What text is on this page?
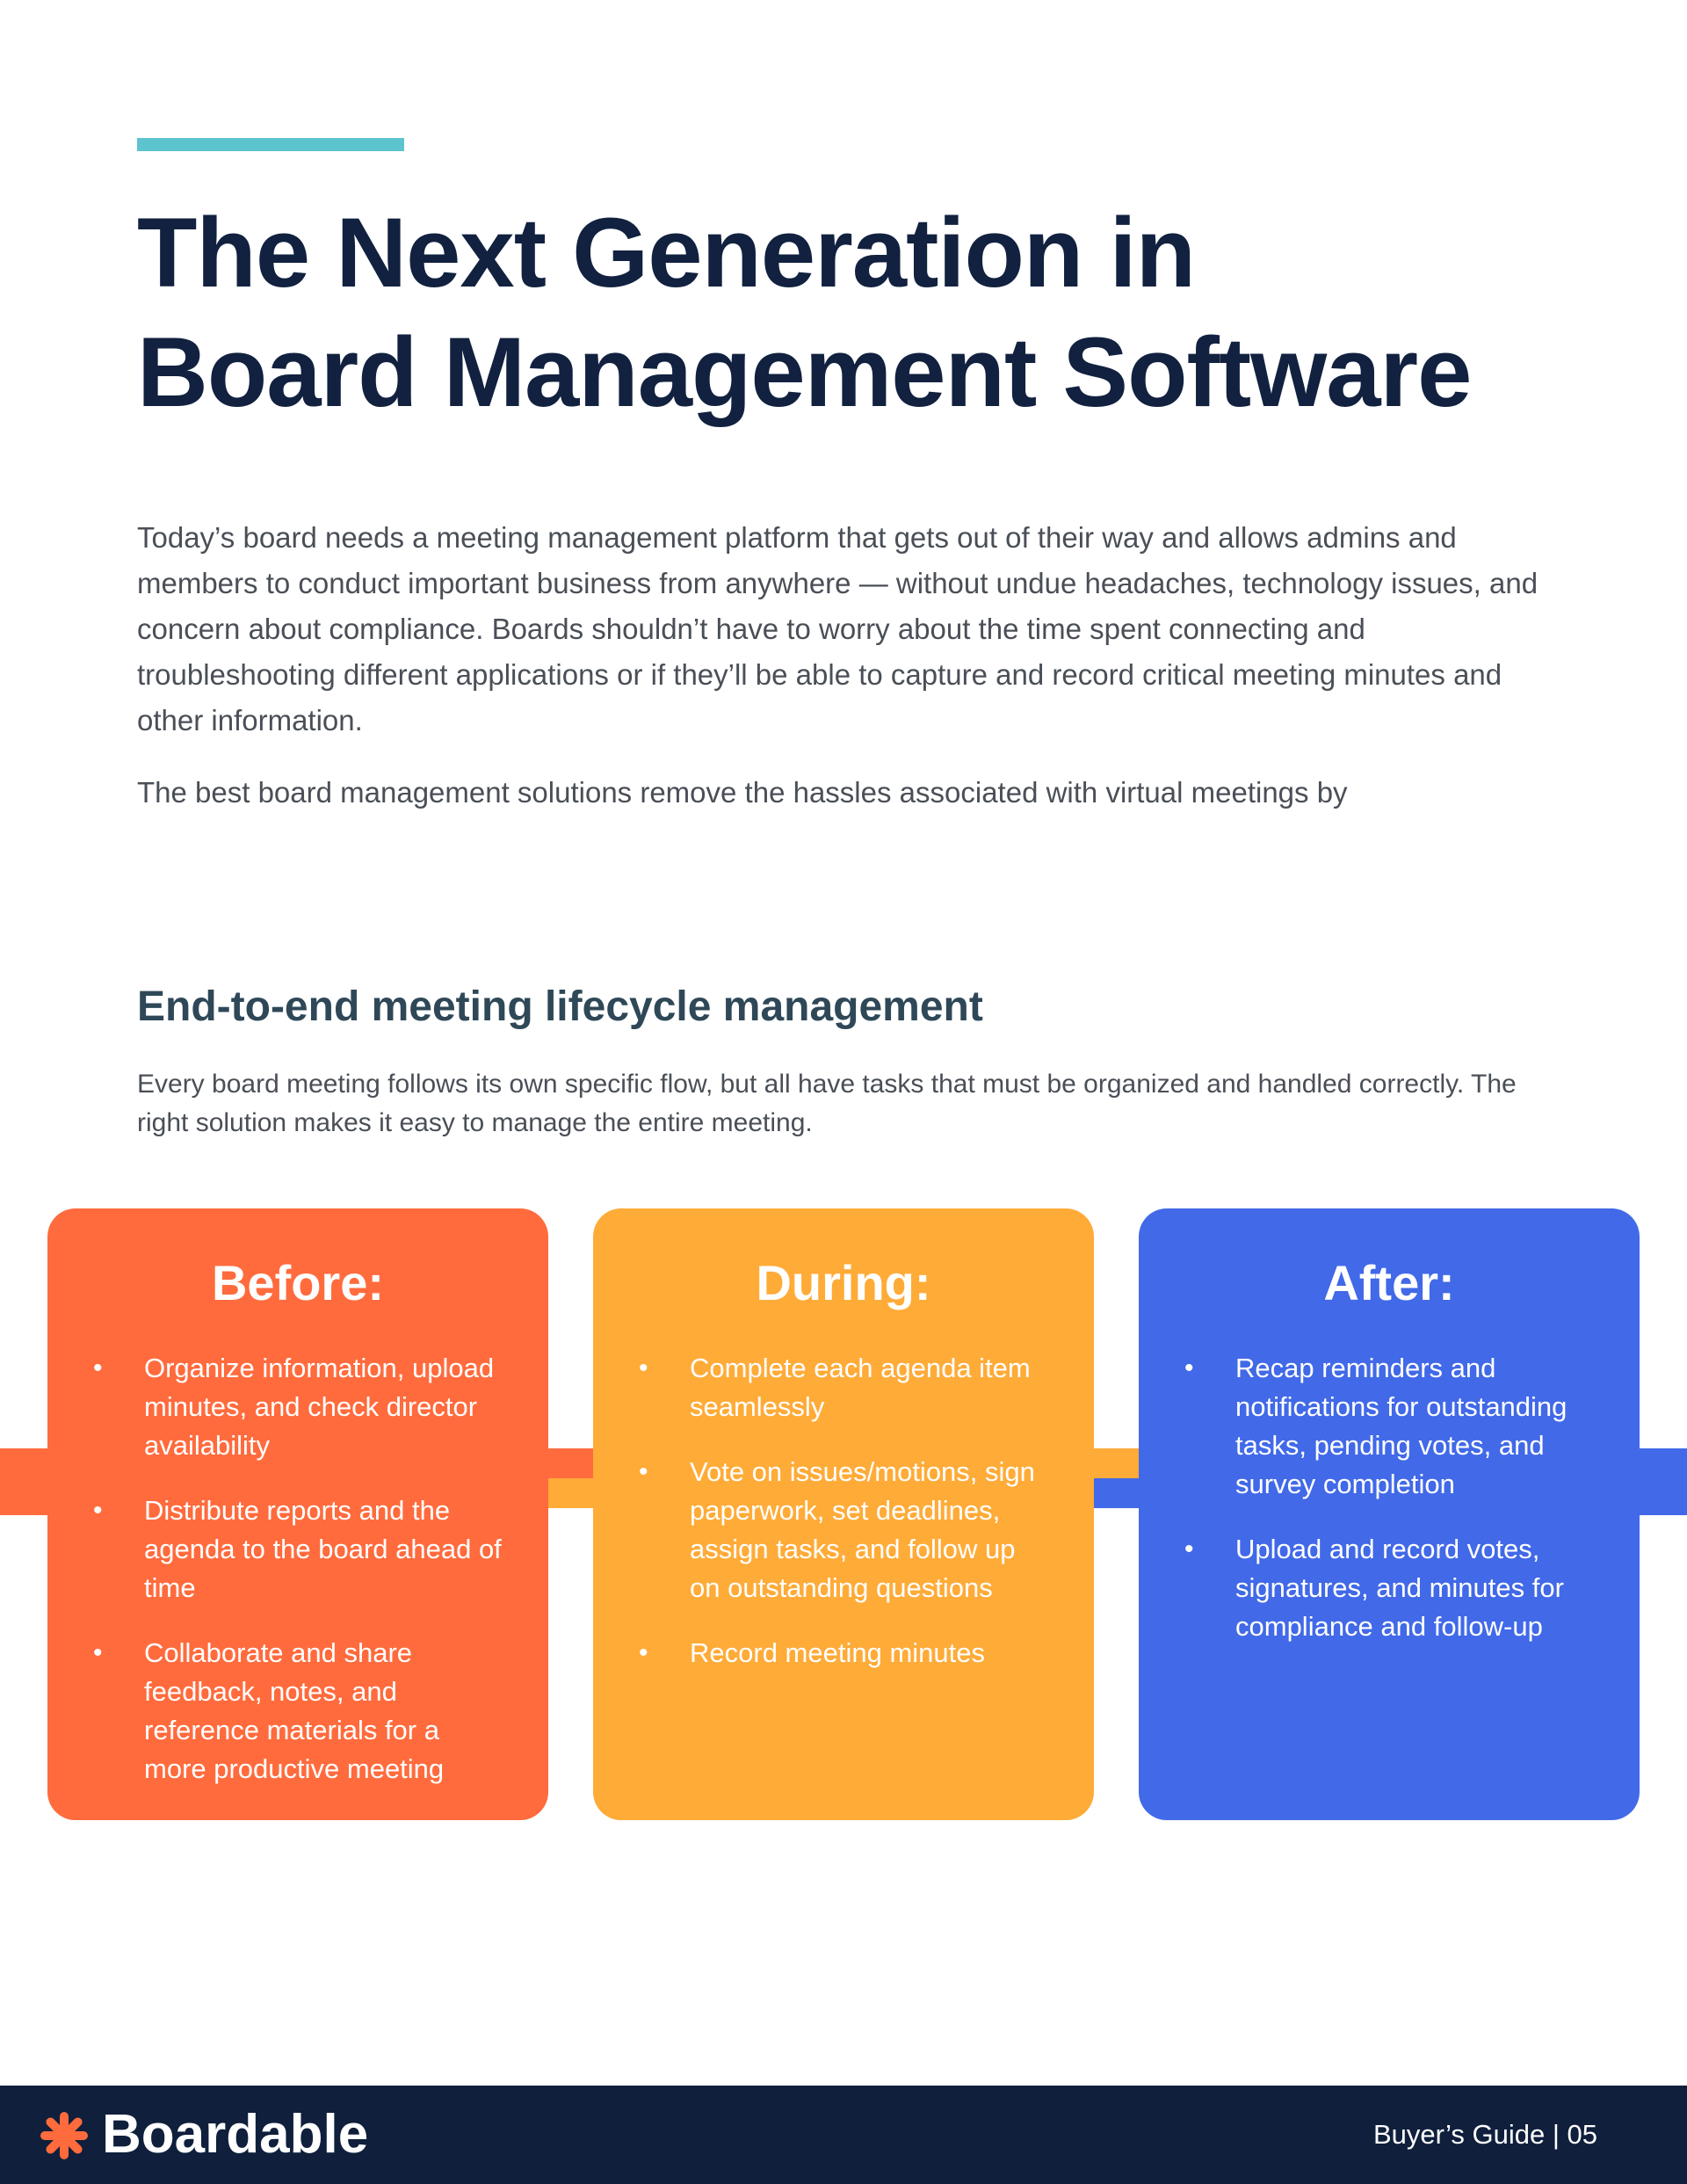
The Next Generation in
Board Management Software

Today’s board needs a meeting management platform that gets out of their way and allows admins and members to conduct important business from anywhere — without undue headaches, technology issues, and concern about compliance. Boards shouldn’t have to worry about the time spent connecting and troubleshooting different applications or if they’ll be able to capture and record critical meeting minutes and other information.

The best board management solutions remove the hassles associated with virtual meetings by

End-to-end meeting lifecycle management

Every board meeting follows its own specific flow, but all have tasks that must be organized and handled correctly. The right solution makes it easy to manage the entire meeting.

Before:
• Organize information, upload minutes, and check director availability
• Distribute reports and the agenda to the board ahead of time
• Collaborate and share feedback, notes, and reference materials for a more productive meeting
During:
• Complete each agenda item seamlessly
• Vote on issues/motions, sign paperwork, set deadlines, assign tasks, and follow up on outstanding questions
• Record meeting minutes
After:
• Recap reminders and notifications for outstanding tasks, pending votes, and survey completion
• Upload and record votes, signatures, and minutes for compliance and follow-up
Boardable	Buyer’s Guide | 05
